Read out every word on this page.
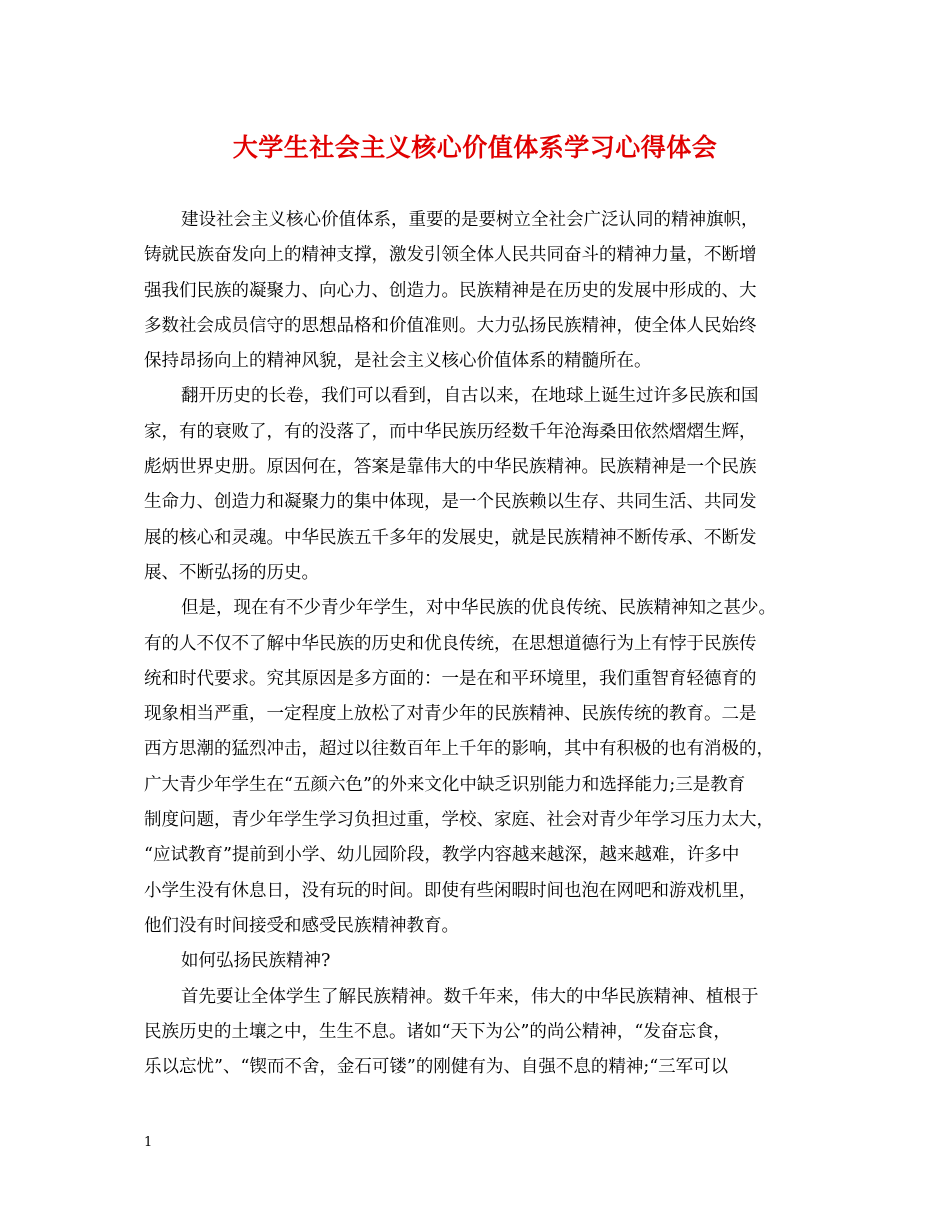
大学生社会主义核心价值体系学习心得体会
建设社会主义核心价值体系，重要的是要树立全社会广泛认同的精神旗帜，
铸就民族奋发向上的精神支撑，激发引领全体人民共同奋斗的精神力量，不断增
强我们民族的凝聚力、向心力、创造力。民族精神是在历史的发展中形成的、大
多数社会成员信守的思想品格和价值准则。大力弘扬民族精神，使全体人民始终
保持昂扬向上的精神风貌，是社会主义核心价值体系的精髓所在。
翻开历史的长卷，我们可以看到，自古以来，在地球上诞生过许多民族和国
家，有的衰败了，有的没落了，而中华民族历经数千年沧海桑田依然熠熠生辉，
彪炳世界史册。原因何在，答案是靠伟大的中华民族精神。民族精神是一个民族
生命力、创造力和凝聚力的集中体现，是一个民族赖以生存、共同生活、共同发
展的核心和灵魂。中华民族五千多年的发展史，就是民族精神不断传承、不断发
展、不断弘扬的历史。
但是，现在有不少青少年学生，对中华民族的优良传统、民族精神知之甚少。
有的人不仅不了解中华民族的历史和优良传统，在思想道德行为上有悖于民族传
统和时代要求。究其原因是多方面的：一是在和平环境里，我们重智育轻德育的
现象相当严重，一定程度上放松了对青少年的民族精神、民族传统的教育。二是
西方思潮的猛烈冲击，超过以往数百年上千年的影响，其中有积极的也有消极的，
广大青少年学生在“五颜六色”的外来文化中缺乏识别能力和选择能力;三是教育
制度问题，青少年学生学习负担过重，学校、家庭、社会对青少年学习压力太大，
“应试教育”提前到小学、幼儿园阶段，教学内容越来越深，越来越难，许多中
小学生没有休息日，没有玩的时间。即使有些闲暇时间也泡在网吧和游戏机里，
他们没有时间接受和感受民族精神教育。
如何弘扬民族精神?
首先要让全体学生了解民族精神。数千年来，伟大的中华民族精神、植根于
民族历史的土壤之中，生生不息。诸如“天下为公”的尚公精神，“发奋忘食，
乐以忘忧”、“锲而不舍，金石可镂”的刚健有为、自强不息的精神;“三军可以
1
